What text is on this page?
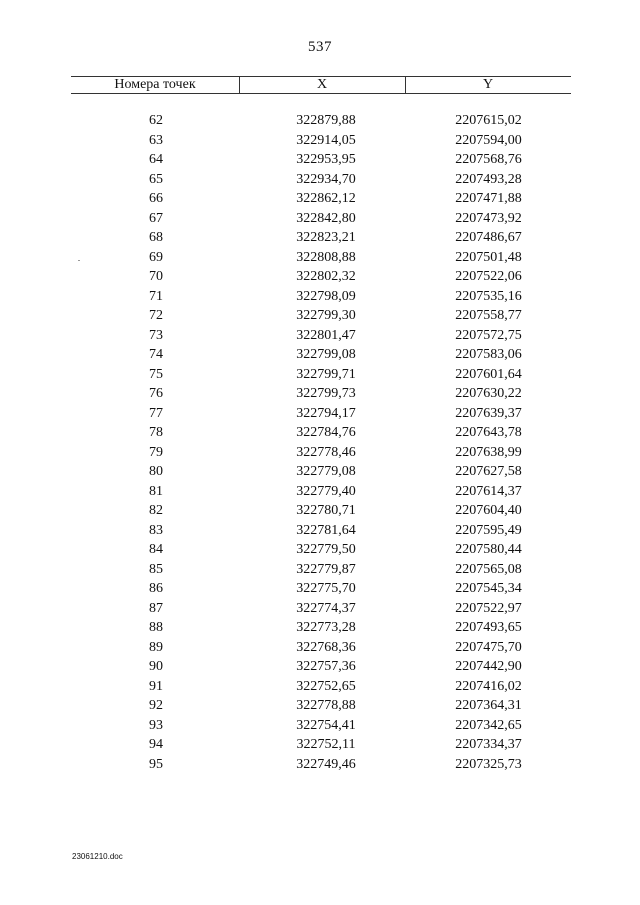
537
Номера точек	X	Y
62	322879,88	2207615,02
63	322914,05	2207594,00
64	322953,95	2207568,76
65	322934,70	2207493,28
66	322862,12	2207471,88
67	322842,80	2207473,92
68	322823,21	2207486,67
69	322808,88	2207501,48
70	322802,32	2207522,06
71	322798,09	2207535,16
72	322799,30	2207558,77
73	322801,47	2207572,75
74	322799,08	2207583,06
75	322799,71	2207601,64
76	322799,73	2207630,22
77	322794,17	2207639,37
78	322784,76	2207643,78
79	322778,46	2207638,99
80	322779,08	2207627,58
81	322779,40	2207614,37
82	322780,71	2207604,40
83	322781,64	2207595,49
84	322779,50	2207580,44
85	322779,87	2207565,08
86	322775,70	2207545,34
87	322774,37	2207522,97
88	322773,28	2207493,65
89	322768,36	2207475,70
90	322757,36	2207442,90
91	322752,65	2207416,02
92	322778,88	2207364,31
93	322754,41	2207342,65
94	322752,11	2207334,37
95	322749,46	2207325,73
23061210.doc
